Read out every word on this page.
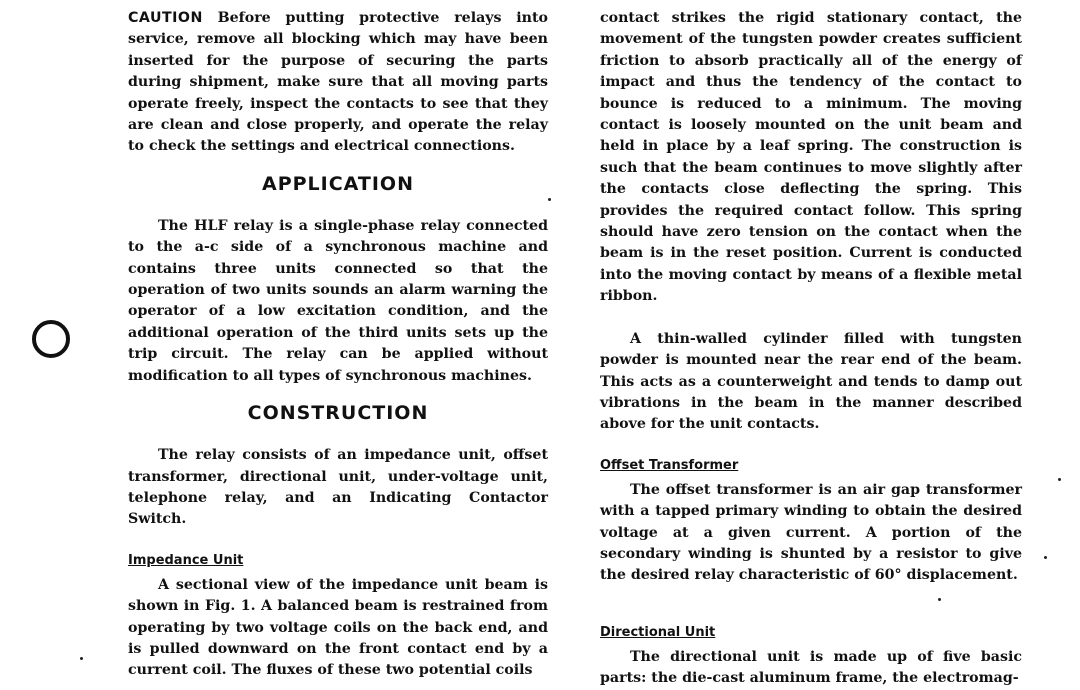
CAUTION Before putting protective relays into service, remove all blocking which may have been inserted for the purpose of securing the parts during shipment, make sure that all moving parts operate freely, inspect the contacts to see that they are clean and close properly, and operate the relay to check the settings and electrical connections.

APPLICATION

The HLF relay is a single-phase relay connected to the a-c side of a synchronous machine and contains three units connected so that the operation of two units sounds an alarm warning the operator of a low excitation condition, and the additional operation of the third units sets up the trip circuit. The relay can be applied without modification to all types of synchronous machines.

CONSTRUCTION

The relay consists of an impedance unit, offset transformer, directional unit, under-voltage unit, telephone relay, and an Indicating Contactor Switch.

Impedance Unit

A sectional view of the impedance unit beam is shown in Fig. 1. A balanced beam is restrained from operating by two voltage coils on the back end, and is pulled downward on the front contact end by a current coil. The fluxes of these two potential coils

contact strikes the rigid stationary contact, the movement of the tungsten powder creates sufficient friction to absorb practically all of the energy of impact and thus the tendency of the contact to bounce is reduced to a minimum. The moving contact is loosely mounted on the unit beam and held in place by a leaf spring. The construction is such that the beam continues to move slightly after the contacts close deflecting the spring. This provides the required contact follow. This spring should have zero tension on the contact when the beam is in the reset position. Current is conducted into the moving contact by means of a flexible metal ribbon.

A thin-walled cylinder filled with tungsten powder is mounted near the rear end of the beam. This acts as a counterweight and tends to damp out vibrations in the beam in the manner described above for the unit contacts.

Offset Transformer

The offset transformer is an air gap transformer with a tapped primary winding to obtain the desired voltage at a given current. A portion of the secondary winding is shunted by a resistor to give the desired relay characteristic of 60° displacement.

Directional Unit

The directional unit is made up of five basic parts: the die-cast aluminum frame, the electromag-
